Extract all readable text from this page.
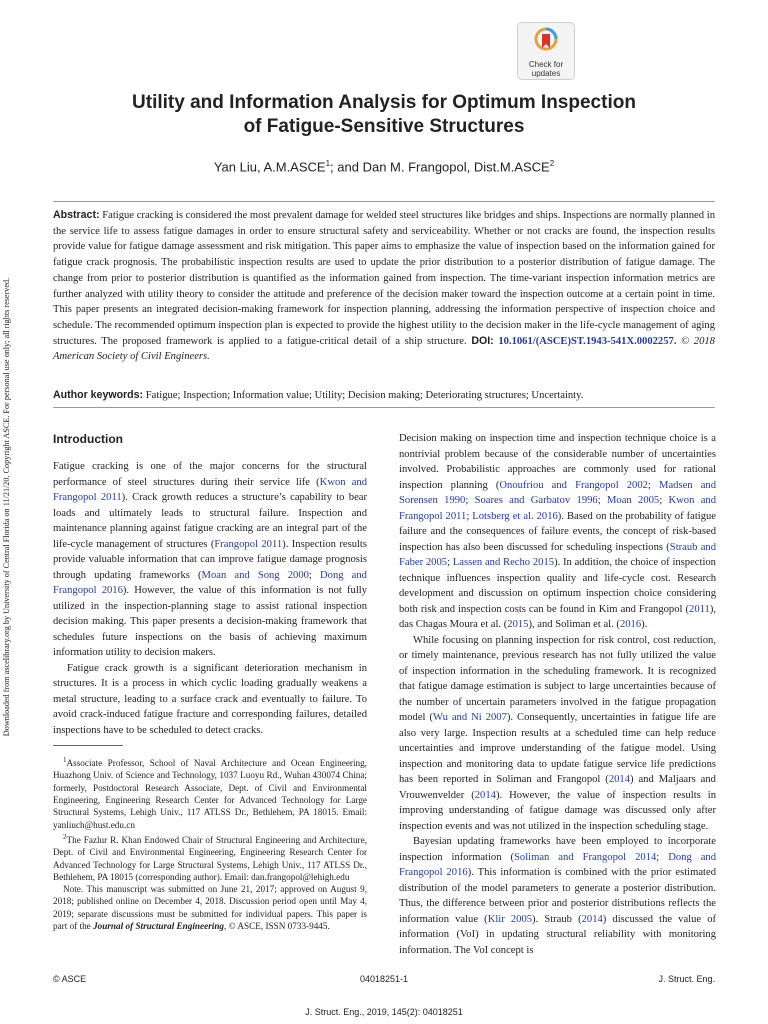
Check for
updates
Utility and Information Analysis for Optimum Inspection
of Fatigue-Sensitive Structures
Yan Liu, A.M.ASCE$^1$; and Dan M. Frangopol, Dist.M.ASCE$^2$
Abstract: Fatigue cracking is considered the most prevalent damage for welded steel structures like bridges and ships. Inspections are normally planned in the service life to assess fatigue damages in order to ensure structural safety and serviceability. Whether or not cracks are found, the inspection results provide value for fatigue damage assessment and risk mitigation. This paper aims to emphasize the value of inspection based on the information gained for fatigue crack prognosis. The probabilistic inspection results are used to update the prior distribution to a posterior distribution of fatigue damage. The change from prior to posterior distribution is quantified as the information gained from inspection. The time-variant inspection information metrics are further analyzed with utility theory to consider the attitude and preference of the decision maker toward the inspection outcome at a certain point in time. This paper presents an integrated decision-making framework for inspection planning, addressing the information perspective of inspection choice and schedule. The recommended optimum inspection plan is expected to provide the highest utility to the decision maker in the life-cycle management of aging structures. The proposed framework is applied to a fatigue-critical detail of a ship structure. DOI: 10.1061/(ASCE)ST.1943-541X.0002257. © 2018 American Society of Civil Engineers.
Author keywords: Fatigue; Inspection; Information value; Utility; Decision making; Deteriorating structures; Uncertainty.
Introduction

Fatigue cracking is one of the major concerns for the structural performance of steel structures during their service life (Kwon and Frangopol 2011). Crack growth reduces a structure’s capability to bear loads and ultimately leads to structural failure. Inspection and maintenance planning against fatigue cracking are an integral part of the life-cycle management of structures (Frangopol 2011). Inspection results provide valuable information that can improve fatigue damage prognosis through updating frameworks (Moan and Song 2000; Dong and Frangopol 2016). However, the value of this information is not fully utilized in the inspection-planning stage to assist rational inspection decision making. This paper presents a decision-making framework that schedules future inspections on the basis of achieving maximum information utility to decision makers.

Fatigue crack growth is a significant deterioration mechanism in structures. It is a process in which cyclic loading gradually weakens a metal structure, leading to a surface crack and eventually to failure. To avoid crack-induced fatigue fracture and corresponding failures, detailed inspections have to be scheduled to detect cracks.

$^1$Associate Professor, School of Naval Architecture and Ocean Engineering, Huazhong Univ. of Science and Technology, 1037 Luoyu Rd., Wuhan 430074 China; formerly, Postdoctoral Research Associate, Dept. of Civil and Environmental Engineering, Engineering Research Center for Advanced Technology for Large Structural Systems, Lehigh Univ., 117 ATLSS Dr., Bethlehem, PA 18015. Email: yanliuch@hust.edu.cn

$^2$The Fazlur R. Khan Endowed Chair of Structural Engineering and Architecture, Dept. of Civil and Environmental Engineering, Engineering Research Center for Advanced Technology for Large Structural Systems, Lehigh Univ., 117 ATLSS Dr., Bethlehem, PA 18015 (corresponding author). Email: dan.frangopol@lehigh.edu

Note. This manuscript was submitted on June 21, 2017; approved on August 9, 2018; published online on December 4, 2018. Discussion period open until May 4, 2019; separate discussions must be submitted for individual papers. This paper is part of the Journal of Structural Engineering, © ASCE, ISSN 0733-9445.

Decision making on inspection time and inspection technique choice is a nontrivial problem because of the considerable number of uncertainties involved. Probabilistic approaches are commonly used for rational inspection planning (Onoufriou and Frangopol 2002; Madsen and Sorensen 1990; Soares and Garbatov 1996; Moan 2005; Kwon and Frangopol 2011; Lotsberg et al. 2016). Based on the probability of fatigue failure and the consequences of failure events, the concept of risk-based inspection has also been discussed for scheduling inspections (Straub and Faber 2005; Lassen and Recho 2015). In addition, the choice of inspection technique influences inspection quality and life-cycle cost. Research development and discussion on optimum inspection choice considering both risk and inspection costs can be found in Kim and Frangopol (2011), das Chagas Moura et al. (2015), and Soliman et al. (2016).

While focusing on planning inspection for risk control, cost reduction, or timely maintenance, previous research has not fully utilized the value of inspection information in the scheduling framework. It is recognized that fatigue damage estimation is subject to large uncertainties because of the number of uncertain parameters involved in the fatigue propagation model (Wu and Ni 2007). Consequently, uncertainties in fatigue life are also very large. Inspection results at a scheduled time can help reduce uncertainties and improve understanding of the fatigue model. Using inspection and monitoring data to update fatigue service life predictions has been reported in Soliman and Frangopol (2014) and Maljaars and Vrouwenvelder (2014). However, the value of inspection results in improving understanding of fatigue damage was discussed only after inspection events and was not utilized in the inspection scheduling stage.

Bayesian updating frameworks have been employed to incorporate inspection information (Soliman and Frangopol 2014; Dong and Frangopol 2016). This information is combined with the prior estimated distribution of the model parameters to generate a posterior distribution. Thus, the difference between prior and posterior distributions reflects the information value (Klir 2005). Straub (2014) discussed the value of information (VoI) in updating structural reliability with monitoring information. The VoI concept is

Downloaded from ascelibrary.org by University of Central Florida on 11/21/20. Copyright ASCE. For personal use only; all rights reserved.
© ASCE	04018251-1	J. Struct. Eng.
J. Struct. Eng., 2019, 145(2): 04018251
